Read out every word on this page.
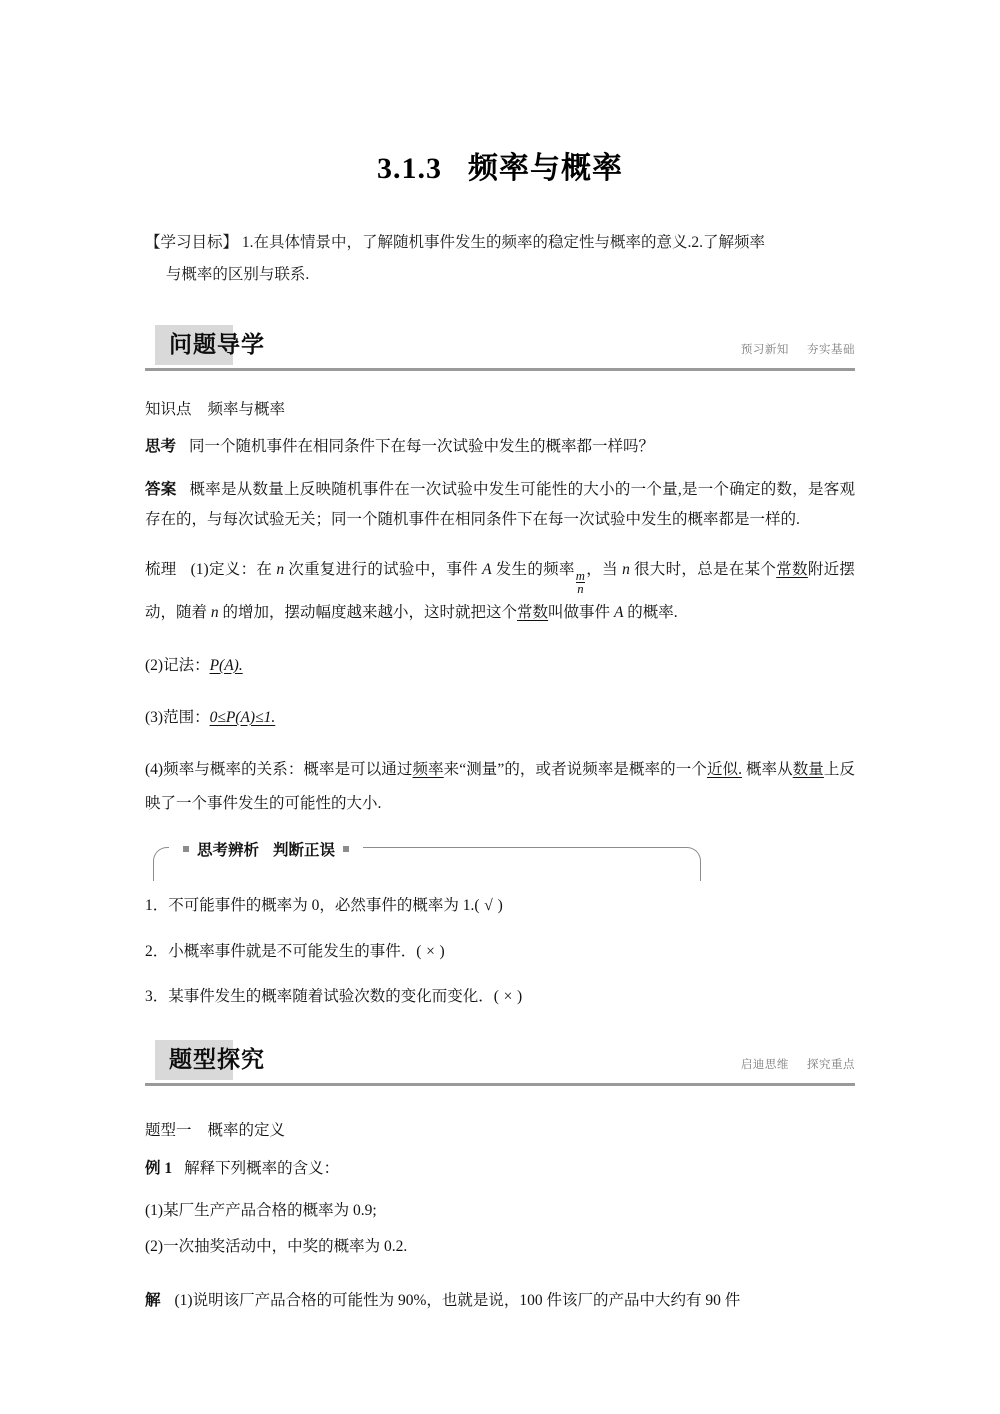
3.1.3 频率与概率
【学习目标】 1.在具体情景中，了解随机事件发生的频率的稳定性与概率的意义.2.了解频率
与概率的区别与联系.
问题导学	预习新知 夯实基础
知识点 频率与概率
思考 同一个随机事件在相同条件下在每一次试验中发生的概率都一样吗？
答案 概率是从数量上反映随机事件在一次试验中发生可能性的大小的一个量,是一个确定的数，是客观存在的，与每次试验无关；同一个随机事件在相同条件下在每一次试验中发生的概率都是一样的.
梳理 (1)定义：在 n 次重复进行的试验中，事件 A 发生的频率 $\frac{m}{n}$ ，当 n 很大时，总是在某个常数附近摆动，随着 n 的增加，摆动幅度越来越小，这时就把这个常数叫做事件 A 的概率.
(2)记法：P(A).
(3)范围：0≤P(A)≤1.
(4)频率与概率的关系：概率是可以通过频率来“测量”的，或者说频率是概率的一个近似. 概率从数量上反映了一个事件发生的可能性的大小.
思考辨析 判断正误
1．不可能事件的概率为 0，必然事件的概率为 1.( √ )
2．小概率事件就是不可能发生的事件．( × )
3．某事件发生的概率随着试验次数的变化而变化．( × )
题型探究	启迪思维 探究重点
题型一 概率的定义
例 1 解释下列概率的含义：
(1)某厂生产产品合格的概率为 0.9;
(2)一次抽奖活动中，中奖的概率为 0.2.
解 (1)说明该厂产品合格的可能性为 90%，也就是说，100 件该厂的产品中大约有 90 件
